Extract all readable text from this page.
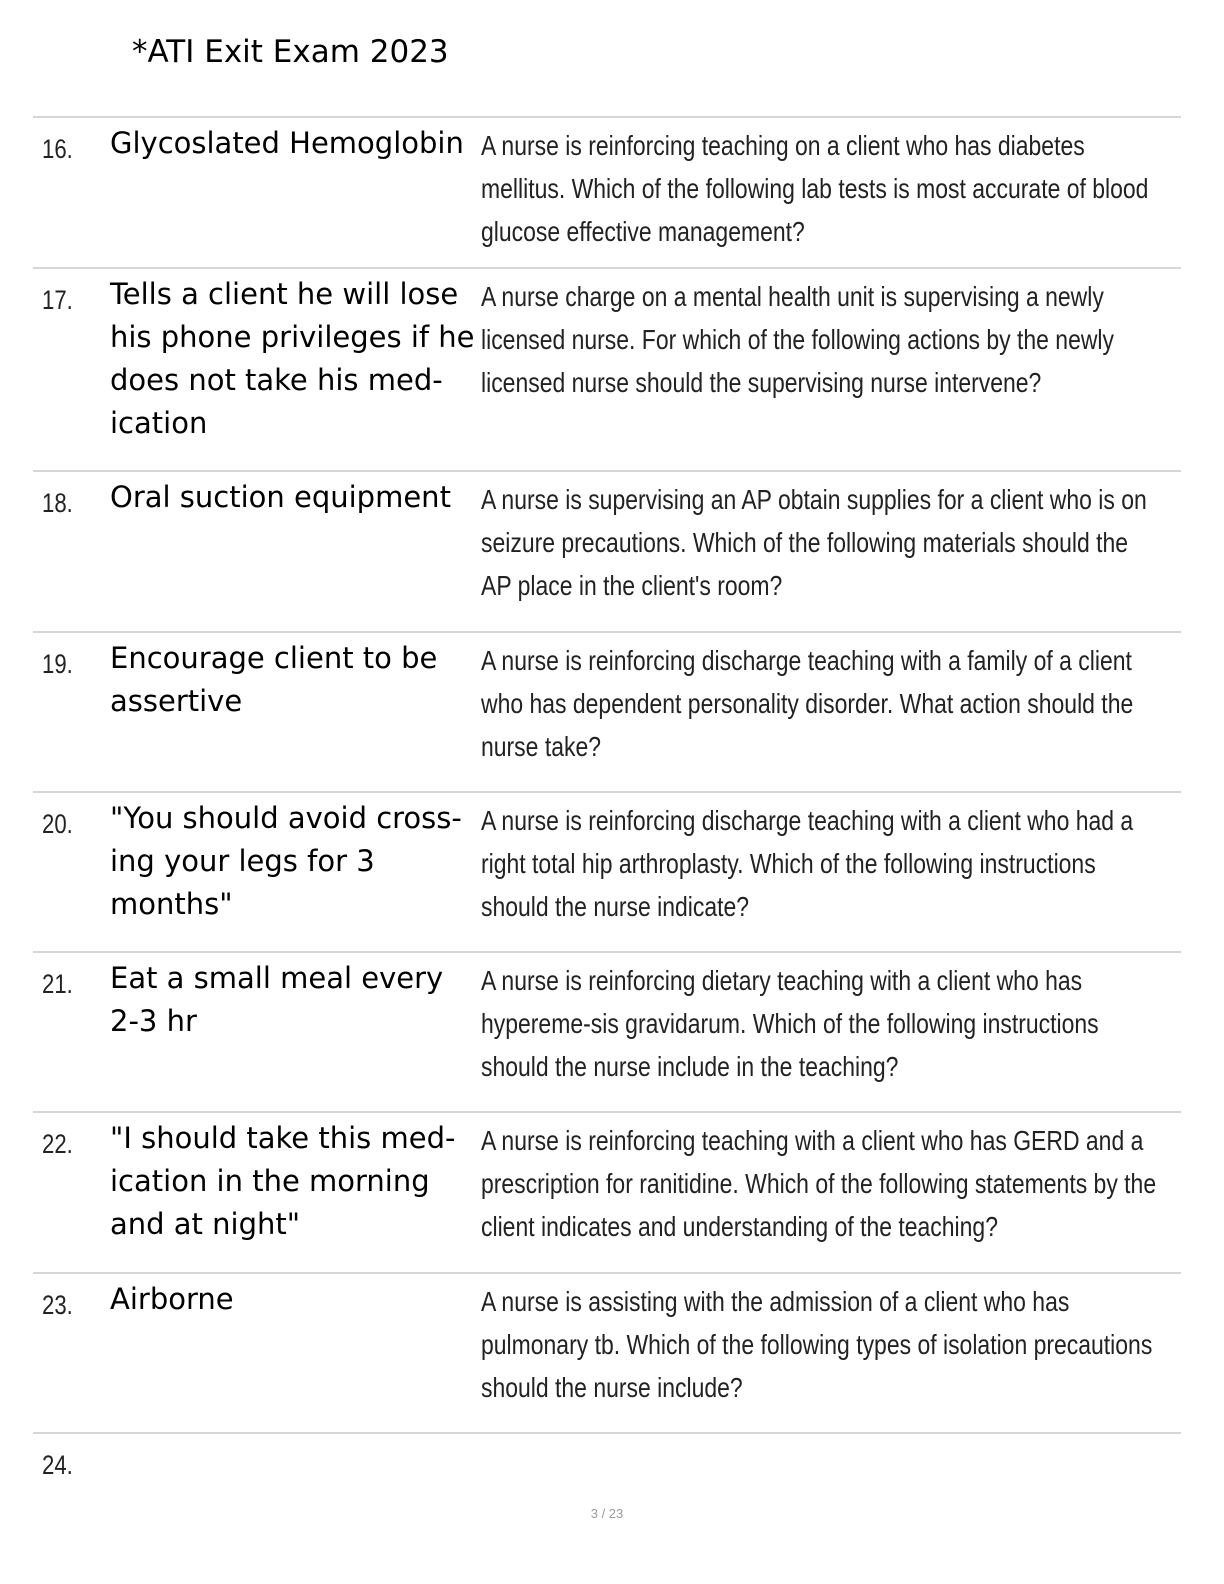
*ATI Exit Exam 2023
16. Glycoslated Hemoglobin A nurse is reinforcing teaching on a client who has diabetes mellitus. Which of the following lab tests is most accurate of blood glucose effective management?
17. Tells a client he will lose his phone privileges if he does not take his med-ication
A nurse charge on a mental health unit is supervising a newly licensed nurse. For which of the following actions by the newly licensed nurse should the supervising nurse intervene?
18. Oral suction equipment	A nurse is supervising an AP obtain supplies for a client who is on seizure precautions. Which of the following materials should the AP place in the client's room?
19. Encourage client to be assertive
A nurse is reinforcing discharge teaching with a family of a client who has dependent personality disorder. What action should the nurse take?
20. "You should avoid cross-ing your legs for 3 months"
A nurse is reinforcing discharge teaching with a client who had a right total hip arthroplasty. Which of the following instructions should the nurse indicate?
21. Eat a small meal every 2-3 hr
A nurse is reinforcing dietary teaching with a client who has hypereme-sis gravidarum. Which of the following instructions should the nurse include in the teaching?
22. "I should take this med-ication in the morning and at night"
A nurse is reinforcing teaching with a client who has GERD and a prescription for ranitidine. Which of the following statements by the client indicates and understanding of the teaching?
23. Airborne	A nurse is assisting with the admission of a client who has pulmonary tb. Which of the following types of isolation precautions should the nurse include?
24.
3 / 23
